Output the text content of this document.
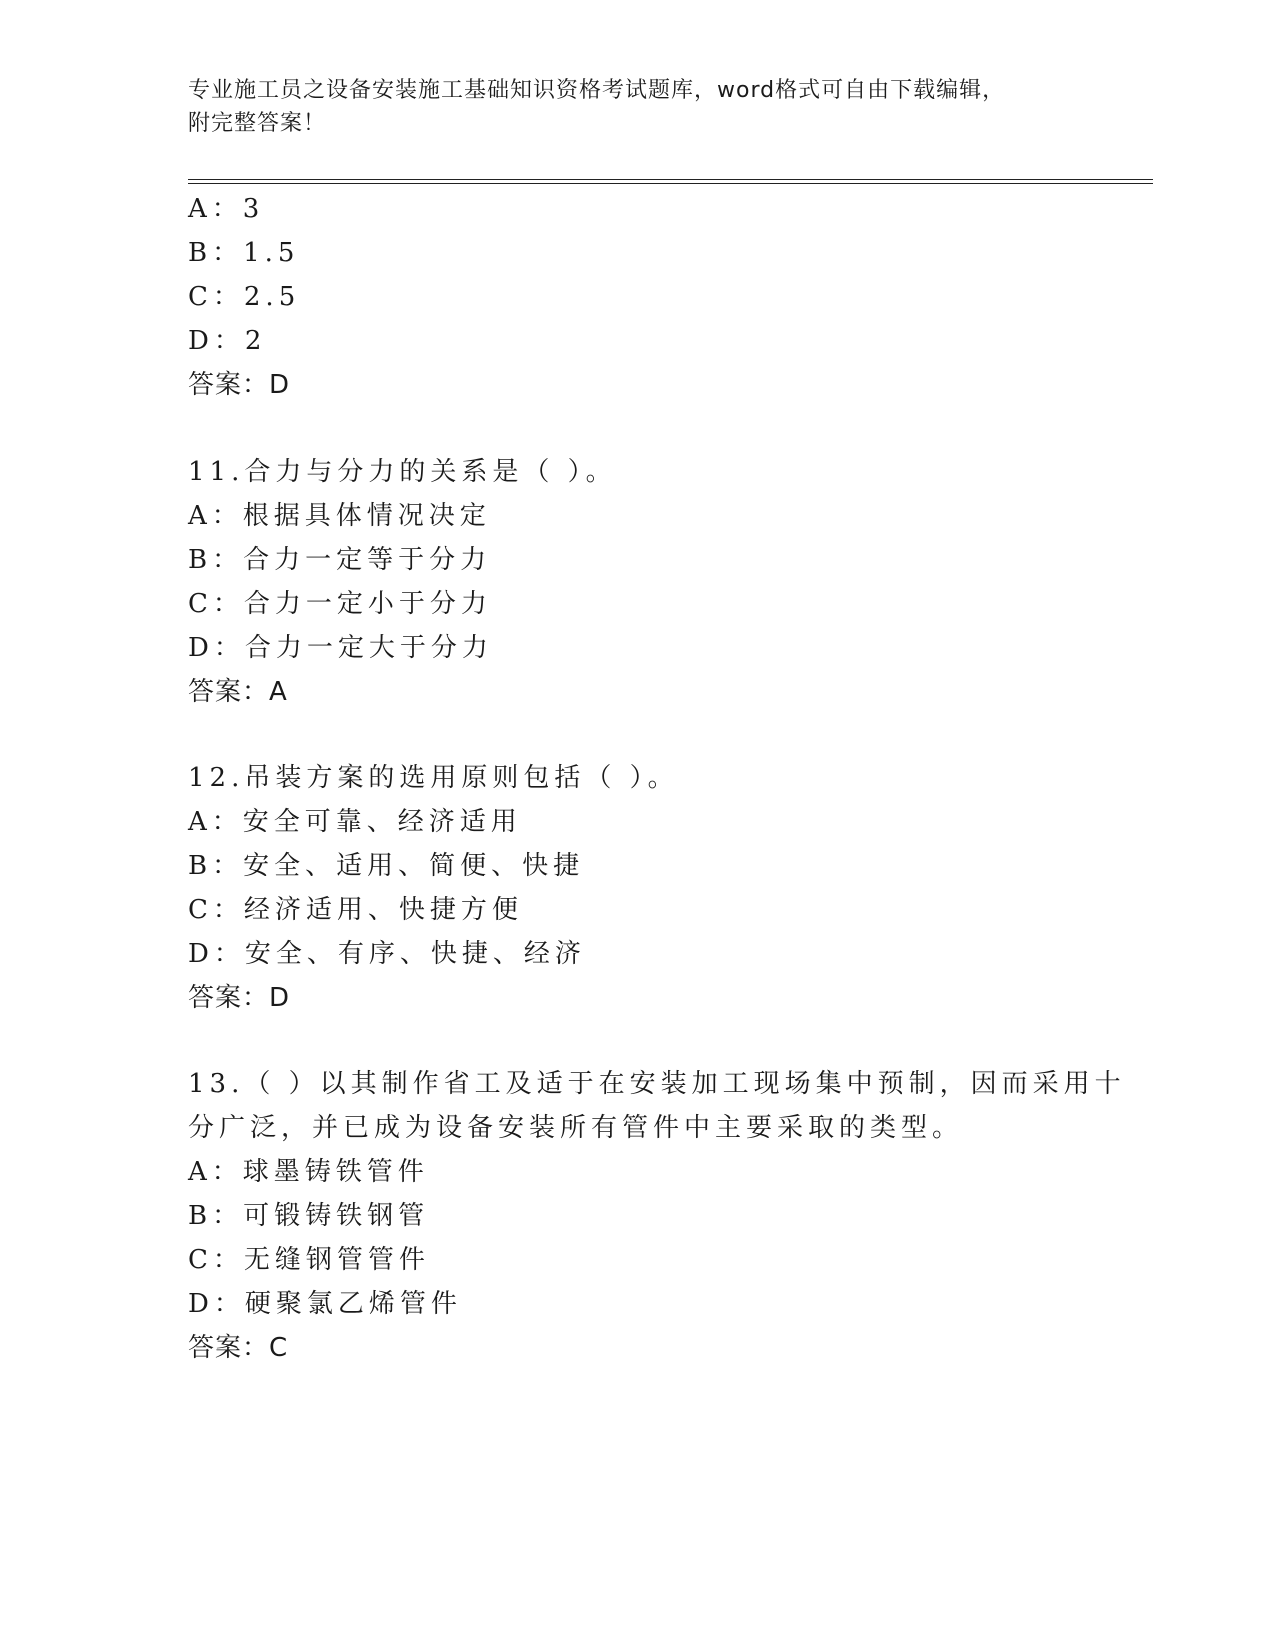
专业施工员之设备安装施工基础知识资格考试题库，word格式可自由下载编辑，
附完整答案！
A：3
B：1.5
C：2.5
D：2
答案：D
11.合力与分力的关系是（ ）。
A：根据具体情况决定
B：合力一定等于分力
C：合力一定小于分力
D：合力一定大于分力
答案：A
12.吊装方案的选用原则包括（ ）。
A：安全可靠、经济适用
B：安全、适用、简便、快捷
C：经济适用、快捷方便
D：安全、有序、快捷、经济
答案：D
13.（ ）以其制作省工及适于在安装加工现场集中预制，因而采用十
分广泛，并已成为设备安装所有管件中主要采取的类型。
A：球墨铸铁管件
B：可锻铸铁钢管
C：无缝钢管管件
D：硬聚氯乙烯管件
答案：C
